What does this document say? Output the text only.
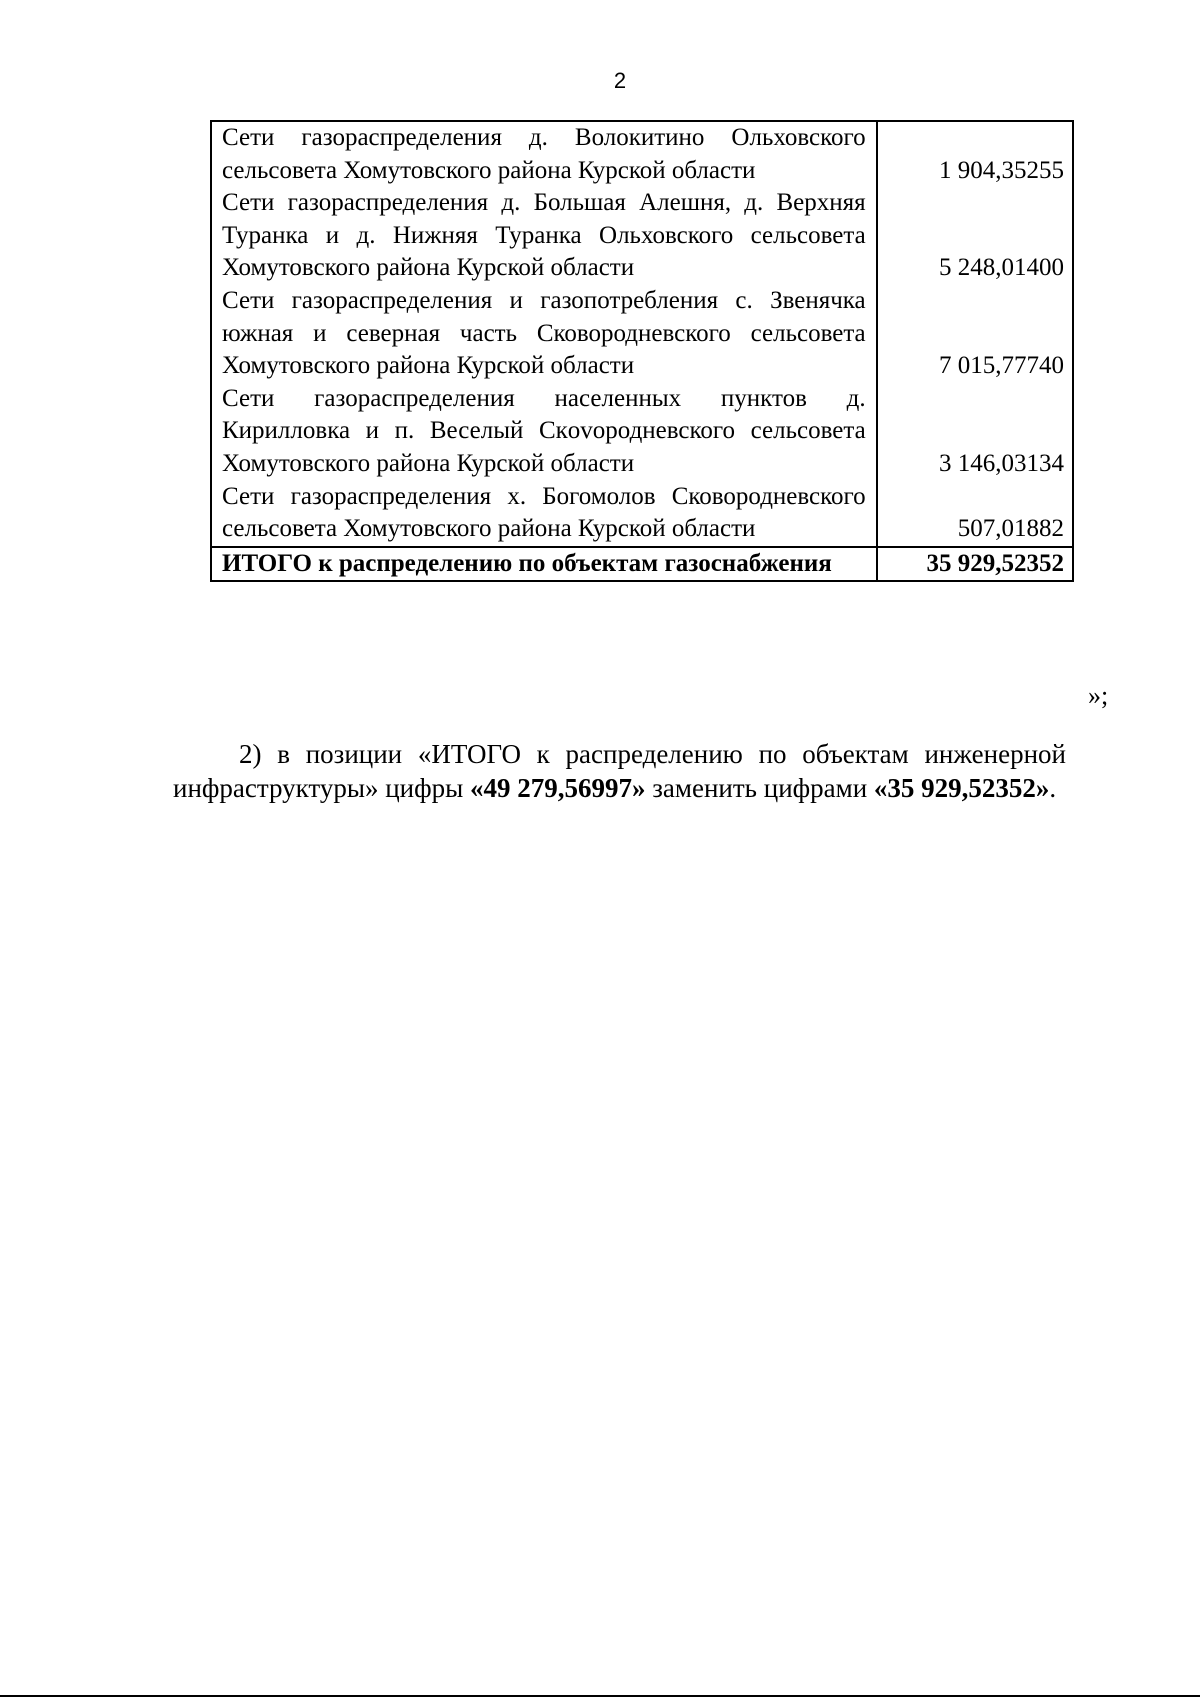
2
Сети газораспределения д. Волокитино Ольховского сельсовета Хомутовского района Курской области	1 904,35255
Сети газораспределения д. Большая Алешня, д. Верхняя Туранка и д. Нижняя Туранка Ольховского сельсовета Хомутовского района Курской области	5 248,01400
Сети газораспределения и газопотребления с. Звенячка южная и северная часть Сковородневского сельсовета Хомутовского района Курской области	7 015,77740
Сети газораспределения населенных пунктов д. Кирилловка и п. Веселый Скovородневского сельсовета Хомутовского района Курской области	3 146,03134
Сети газораспределения х. Богомолов Сковородневского сельсовета Хомутовского района Курской области	507,01882
ИТОГО к распределению по объектам газоснабжения	35 929,52352
»;

2) в позиции «ИТОГО к распределению по объектам инженерной инфраструктуры» цифры «49 279,56997» заменить цифрами «35 929,52352».
